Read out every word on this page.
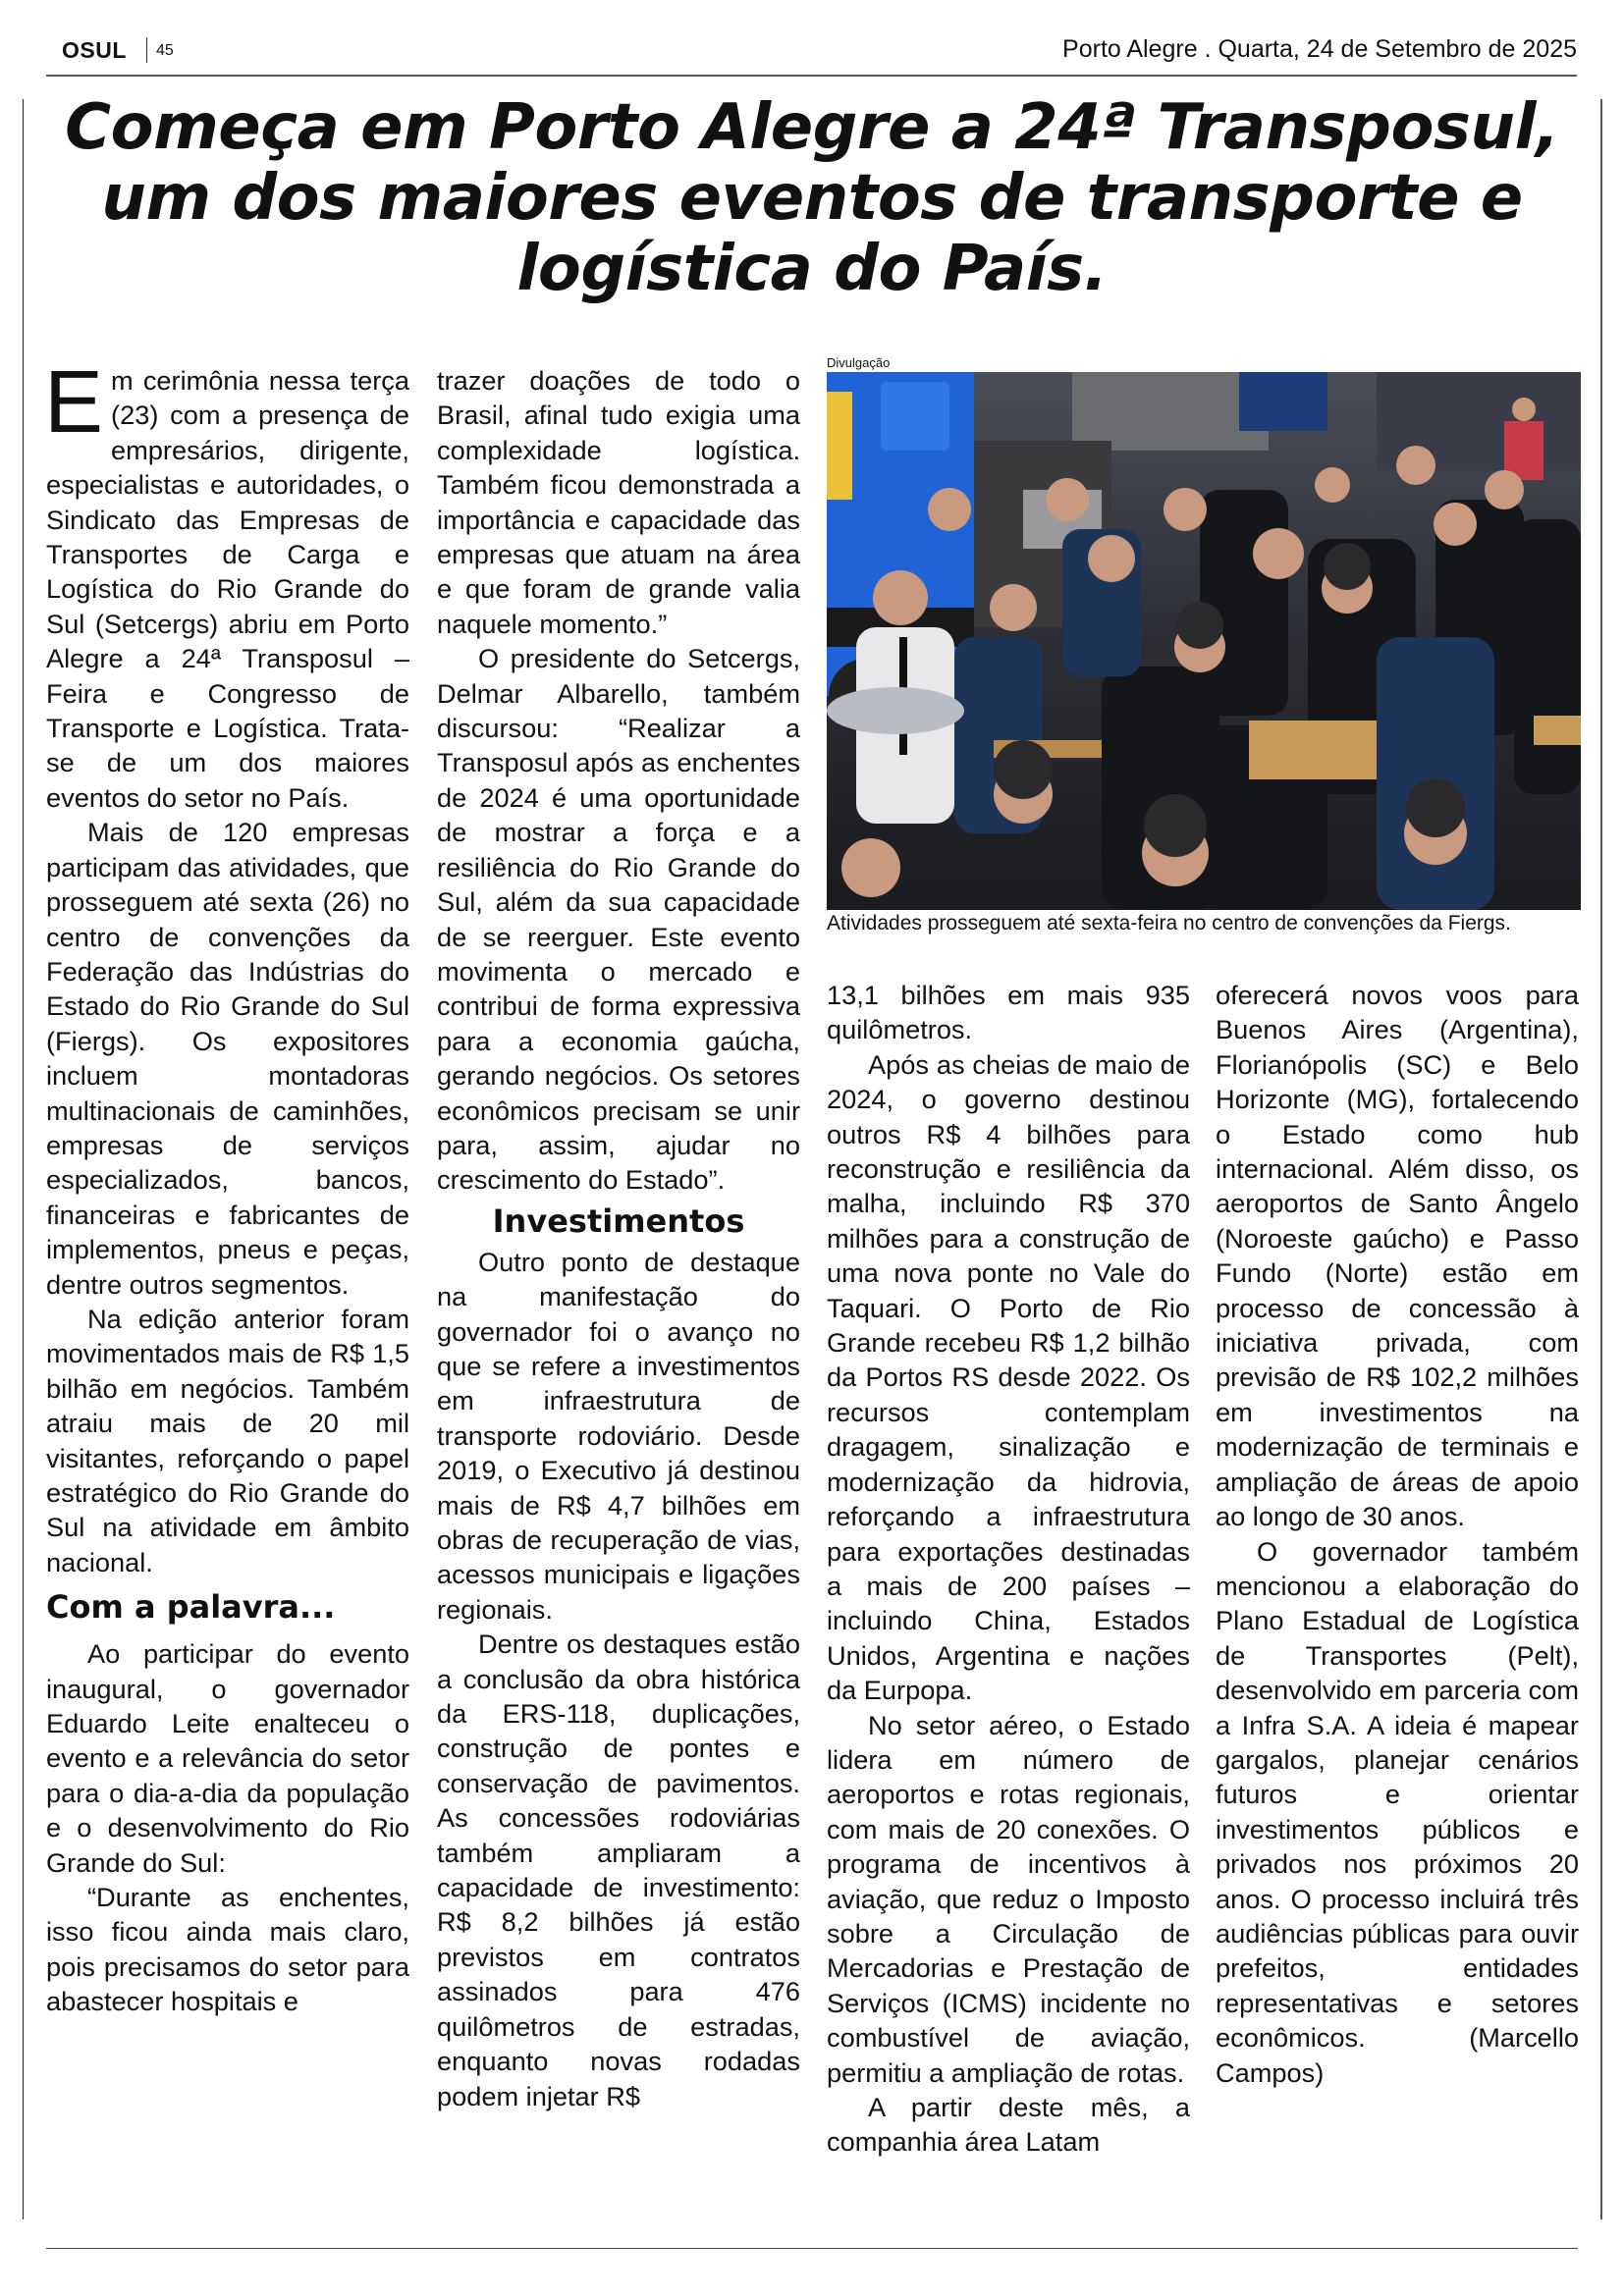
OSUL 45	Porto Alegre . Quarta, 24 de Setembro de 2025
Começa em Porto Alegre a 24ª Transposul, um dos maiores eventos de transporte e logística do País.
Divulgação
Atividades prosseguem até sexta-feira no centro de convenções da Fiergs.

Em cerimônia nessa terça (23) com a presença de empresários, dirigente, especialistas e autoridades, o Sindicato das Empresas de Transportes de Carga e Logística do Rio Grande do Sul (Setcergs) abriu em Porto Alegre a 24ª Transposul – Feira e Congresso de Transporte e Logística. Trata-se de um dos maiores eventos do setor no País.

Mais de 120 empresas participam das atividades, que prosseguem até sexta (26) no centro de convenções da Federação das Indústrias do Estado do Rio Grande do Sul (Fiergs). Os expositores incluem montadoras multinacionais de caminhões, empresas de serviços especializados, bancos, financeiras e fabricantes de implementos, pneus e peças, dentre outros segmentos.

Na edição anterior foram movimentados mais de R$ 1,5 bilhão em negócios. Também atraiu mais de 20 mil visitantes, reforçando o papel estratégico do Rio Grande do Sul na atividade em âmbito nacional.

Com a palavra...

Ao participar do evento inaugural, o governador Eduardo Leite enalteceu o evento e a relevância do setor para o dia-a-dia da população e o desenvolvimento do Rio Grande do Sul:

“Durante as enchentes, isso ficou ainda mais claro, pois precisamos do setor para abastecer hospitais e

trazer doações de todo o Brasil, afinal tudo exigia uma complexidade logística. Também ficou demonstrada a importância e capacidade das empresas que atuam na área e que foram de grande valia naquele momento.”

O presidente do Setcergs, Delmar Albarello, também discursou: “Realizar a Transposul após as enchentes de 2024 é uma oportunidade de mostrar a força e a resiliência do Rio Grande do Sul, além da sua capacidade de se reerguer. Este evento movimenta o mercado e contribui de forma expressiva para a economia gaúcha, gerando negócios. Os setores econômicos precisam se unir para, assim, ajudar no crescimento do Estado”.

Investimentos

Outro ponto de destaque na manifestação do governador foi o avanço no que se refere a investimentos em infraestrutura de transporte rodoviário. Desde 2019, o Executivo já destinou mais de R$ 4,7 bilhões em obras de recuperação de vias, acessos municipais e ligações regionais.

Dentre os destaques estão a conclusão da obra histórica da ERS-118, duplicações, construção de pontes e conservação de pavimentos. As concessões rodoviárias também ampliaram a capacidade de investimento: R$ 8,2 bilhões já estão previstos em contratos assinados para 476 quilômetros de estradas, enquanto novas rodadas podem injetar R$

13,1 bilhões em mais 935 quilômetros.

Após as cheias de maio de 2024, o governo destinou outros R$ 4 bilhões para reconstrução e resiliência da malha, incluindo R$ 370 milhões para a construção de uma nova ponte no Vale do Taquari. O Porto de Rio Grande recebeu R$ 1,2 bilhão da Portos RS desde 2022. Os recursos contemplam dragagem, sinalização e modernização da hidrovia, reforçando a infraestrutura para exportações destinadas a mais de 200 países – incluindo China, Estados Unidos, Argentina e nações da Eurpopa.

No setor aéreo, o Estado lidera em número de aeroportos e rotas regionais, com mais de 20 conexões. O programa de incentivos à aviação, que reduz o Imposto sobre a Circulação de Mercadorias e Prestação de Serviços (ICMS) incidente no combustível de aviação, permitiu a ampliação de rotas.

A partir deste mês, a companhia área Latam

oferecerá novos voos para Buenos Aires (Argentina), Florianópolis (SC) e Belo Horizonte (MG), fortalecendo o Estado como hub internacional. Além disso, os aeroportos de Santo Ângelo (Noroeste gaúcho) e Passo Fundo (Norte) estão em processo de concessão à iniciativa privada, com previsão de R$ 102,2 milhões em investimentos na modernização de terminais e ampliação de áreas de apoio ao longo de 30 anos.

O governador também mencionou a elaboração do Plano Estadual de Logística de Transportes (Pelt), desenvolvido em parceria com a Infra S.A. A ideia é mapear gargalos, planejar cenários futuros e orientar investimentos públicos e privados nos próximos 20 anos. O processo incluirá três audiências públicas para ouvir prefeitos, entidades representativas e setores econômicos. (Marcello Campos)
